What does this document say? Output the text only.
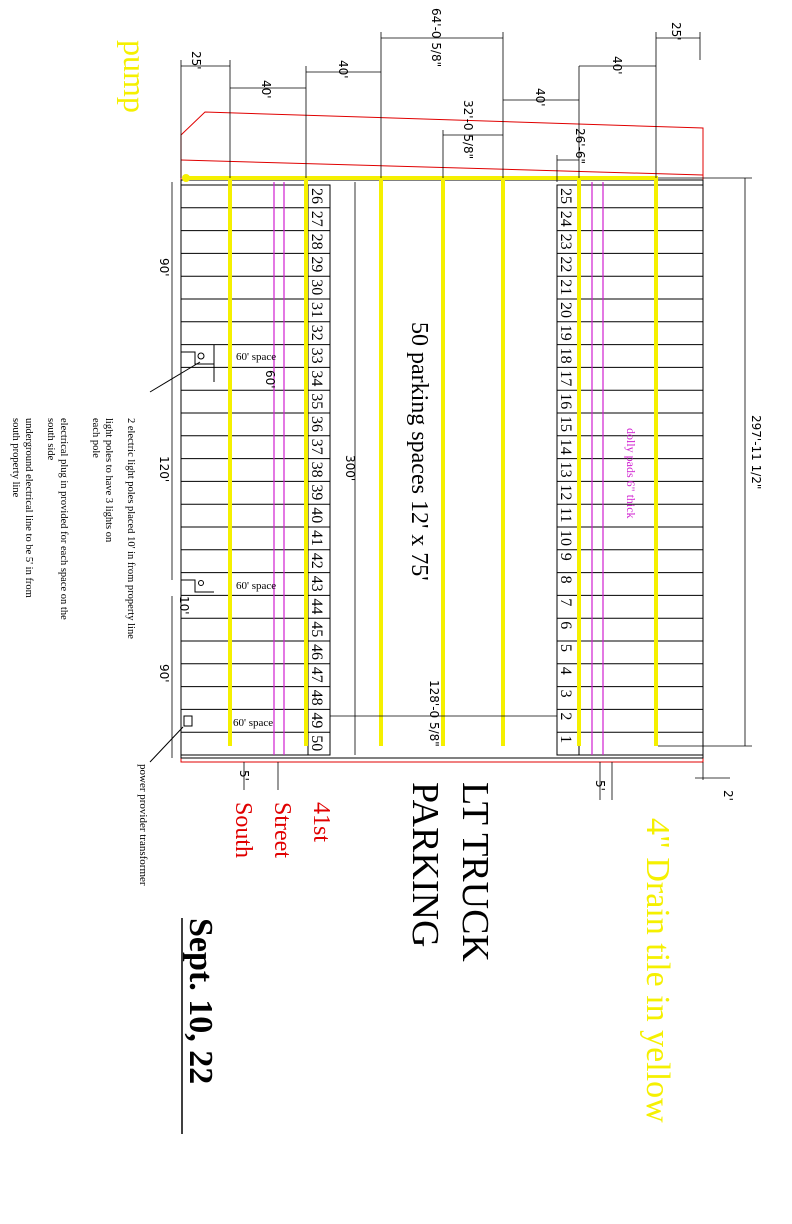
26
27
28
29
30
31
32
33
34
35
36
37
38
39
40
41
42
43
44
45
46
47
48
49
50
25
24
23
22
21
20
19
18
17
16
15
14
13
12
11
10
9
8
7
6
5
4
3
2
1
25'
40'
40'
64'-0 5/8"
32'-0 5/8"
40'
26'-6"
40'
25'
297'-11 1/2"
90'
60'
120'	300'
10'
90'
128'-0 5/8"
5'
5'
2'
60' space
60' space
60' space
pump
50 parking spaces 12' x 75'	dolly pads 6" thick
4" Drain tile in yellow
LT TRUCK
PARKING
41st
Street
South
Sept. 10, 22
power provider transformer
2 electric light poles placed 10' in from property line
light poles to have 3 lights on
each pole
electrical plug in provided for each space on the
south side
underground electrical line to be 5' in from
south property line
